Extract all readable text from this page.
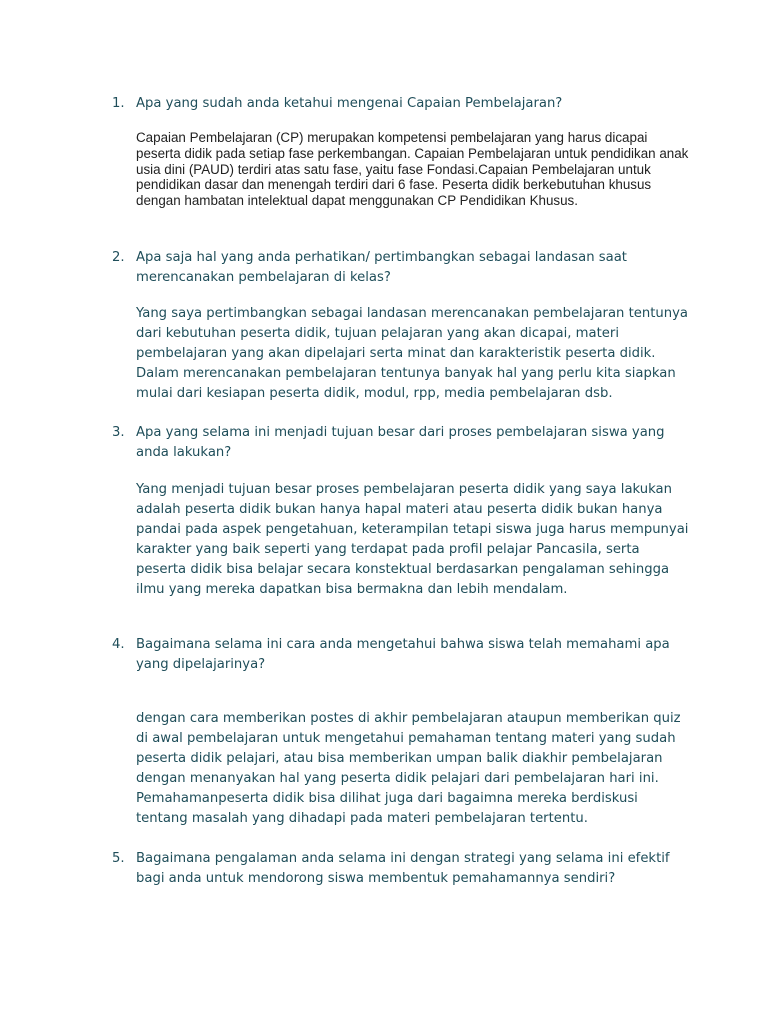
1. Apa yang sudah anda ketahui mengenai Capaian Pembelajaran?
Capaian Pembelajaran (CP) merupakan kompetensi pembelajaran yang harus dicapai peserta didik pada setiap fase perkembangan. Capaian Pembelajaran untuk pendidikan anak usia dini (PAUD) terdiri atas satu fase, yaitu fase Fondasi.Capaian Pembelajaran untuk pendidikan dasar dan menengah terdiri dari 6 fase. Peserta didik berkebutuhan khusus dengan hambatan intelektual dapat menggunakan CP Pendidikan Khusus.
2. Apa saja hal yang anda perhatikan/ pertimbangkan sebagai landasan saat merencanakan pembelajaran di kelas?
Yang saya pertimbangkan sebagai landasan merencanakan pembelajaran tentunya dari kebutuhan peserta didik, tujuan pelajaran yang akan dicapai, materi pembelajaran yang akan dipelajari serta minat dan karakteristik peserta didik. Dalam merencanakan pembelajaran tentunya banyak hal yang perlu kita siapkan mulai dari kesiapan peserta didik, modul, rpp, media pembelajaran dsb.
3. Apa yang selama ini menjadi tujuan besar dari proses pembelajaran siswa yang anda lakukan?
Yang menjadi tujuan besar proses pembelajaran peserta didik yang saya lakukan adalah peserta didik bukan hanya hapal materi atau peserta didik bukan hanya pandai pada aspek pengetahuan, keterampilan tetapi siswa juga harus mempunyai karakter yang baik seperti yang terdapat pada profil pelajar Pancasila, serta peserta didik bisa belajar secara konstektual berdasarkan pengalaman sehingga ilmu yang mereka dapatkan bisa bermakna dan lebih mendalam.
4. Bagaimana selama ini cara anda mengetahui bahwa siswa telah memahami apa yang dipelajarinya?
dengan cara memberikan postes di akhir pembelajaran ataupun memberikan quiz di awal pembelajaran untuk mengetahui pemahaman tentang materi yang sudah peserta didik pelajari, atau bisa memberikan umpan balik diakhir pembelajaran dengan menanyakan hal yang peserta didik pelajari dari pembelajaran hari ini. Pemahamanpeserta didik bisa dilihat juga dari bagaimna mereka berdiskusi tentang masalah yang dihadapi pada materi pembelajaran tertentu.
5. Bagaimana pengalaman anda selama ini dengan strategi yang selama ini efektif bagi anda untuk mendorong siswa membentuk pemahamannya sendiri?
